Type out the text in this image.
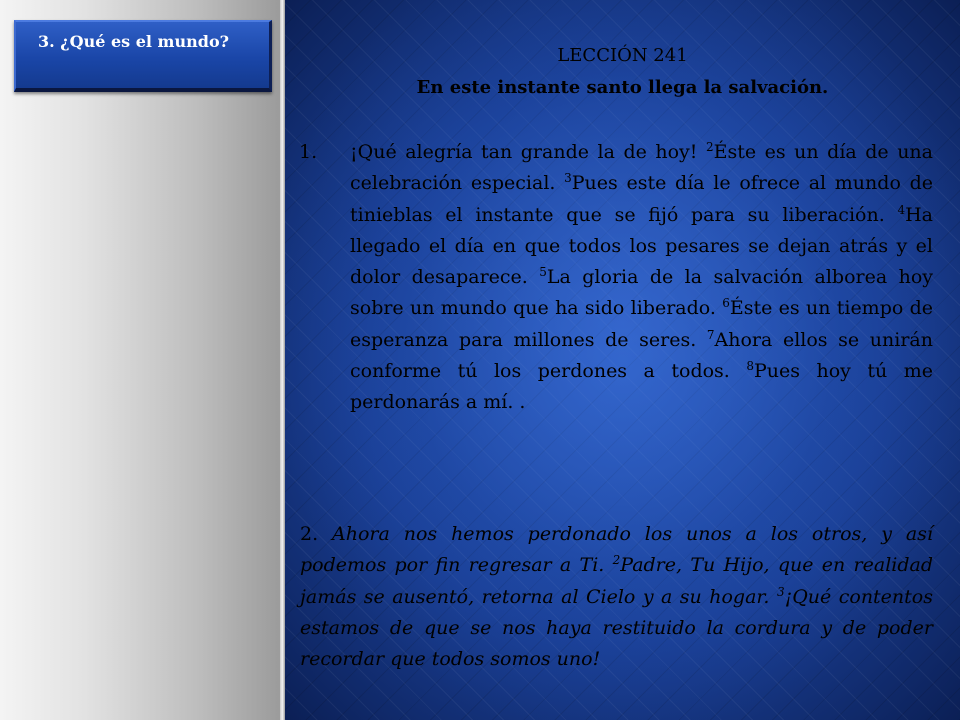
3. ¿Qué es el mundo?
LECCIÓN 241
En este instante santo llega la salvación.
1. ¡Qué alegría tan grande la de hoy! $^2$Éste es un día de una celebración especial. $^3$Pues este día le ofrece al mundo de tinieblas el instante que se fijó para su liberación. $^4$Ha llegado el día en que todos los pesares se dejan atrás y el dolor desaparece. $^5$La gloria de la salvación alborea hoy sobre un mundo que ha sido liberado. $^6$Éste es un tiempo de esperanza para millones de seres. $^7$Ahora ellos se unirán conforme tú los perdones a todos. $^8$Pues hoy tú me perdonarás a mí. .
2. Ahora nos hemos perdonado los unos a los otros, y así podemos por fin regresar a Ti. $^2$Padre, Tu Hijo, que en realidad jamás se ausentó, retorna al Cielo y a su hogar. $^3$¡Qué contentos estamos de que se nos haya restituido la cordura y de poder recordar que todos somos uno!
